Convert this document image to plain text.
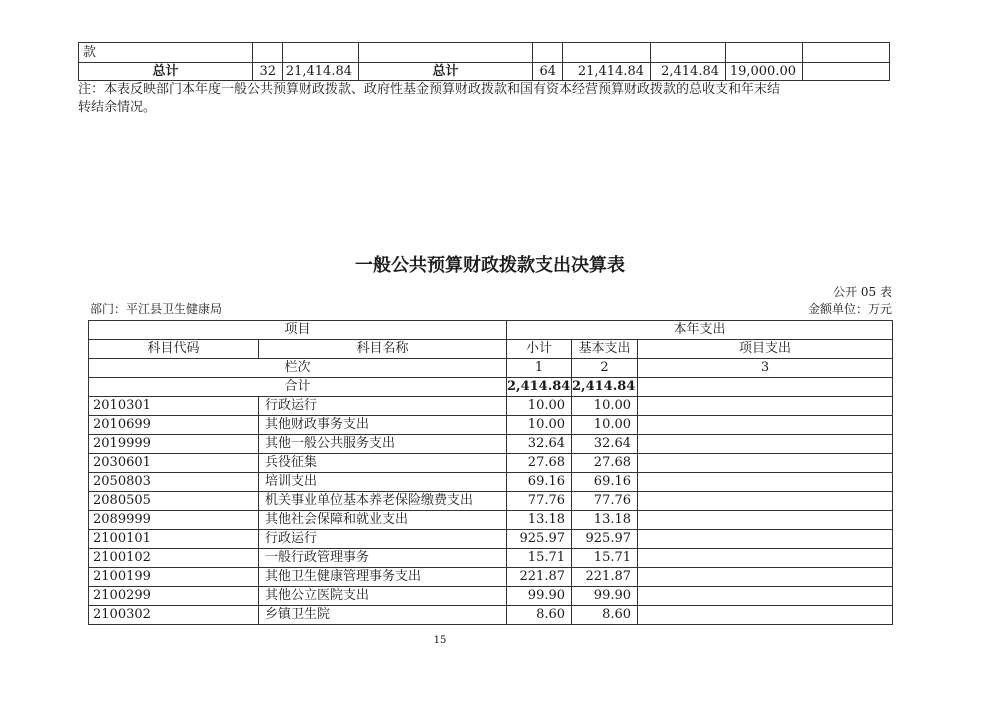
款								
总计	32	21,414.84	总计	64	21,414.84	2,414.84	19,000.00	
注：本表反映部门本年度一般公共预算财政拨款、政府性基金预算财政拨款和国有资本经营预算财政拨款的总收支和年末结
转结余情况。
一般公共预算财政拨款支出决算表
公开 05 表
部门：平江县卫生健康局	金额单位：万元
项目		本年支出		
科目代码	科目名称	小计	基本支出	项目支出
栏次		1	2	3
合计		2,414.84	2,414.84	
2010301	行政运行	10.00	10.00	
2010699	其他财政事务支出	10.00	10.00	
2019999	其他一般公共服务支出	32.64	32.64	
2030601	兵役征集	27.68	27.68	
2050803	培训支出	69.16	69.16	
2080505	机关事业单位基本养老保险缴费支出	77.76	77.76	
2089999	其他社会保障和就业支出	13.18	13.18	
2100101	行政运行	925.97	925.97	
2100102	一般行政管理事务	15.71	15.71	
2100199	其他卫生健康管理事务支出	221.87	221.87	
2100299	其他公立医院支出	99.90	99.90	
2100302	乡镇卫生院	8.60	8.60	
15
